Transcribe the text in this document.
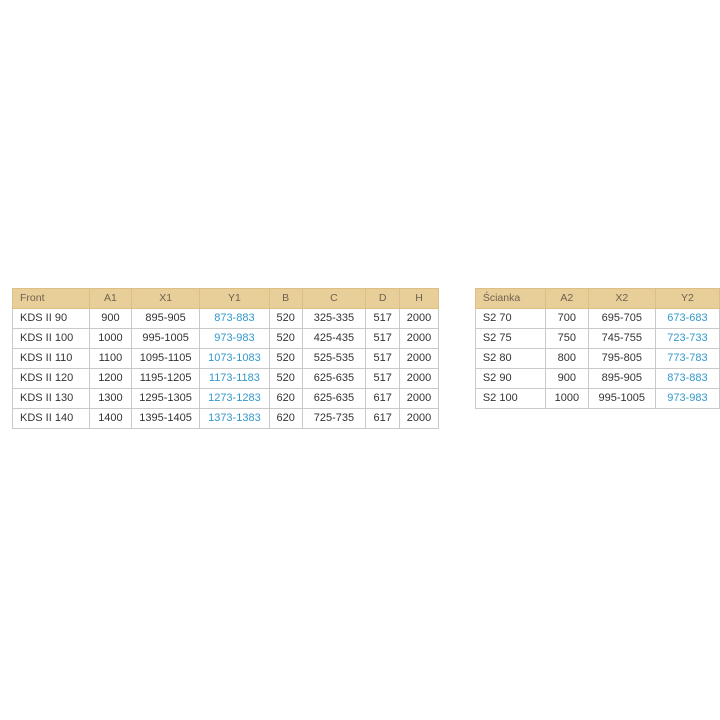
Front	A1	X1	Y1	B	C	D	H
KDS II 90	900	895-905	873-883	520	325-335	517	2000
KDS II 100	1000	995-1005	973-983	520	425-435	517	2000
KDS II 110	1100	1095-1105	1073-1083	520	525-535	517	2000
KDS II 120	1200	1195-1205	1173-1183	520	625-635	517	2000
KDS II 130	1300	1295-1305	1273-1283	620	625-635	617	2000
KDS II 140	1400	1395-1405	1373-1383	620	725-735	617	2000
Ścianka	A2	X2	Y2
S2 70	700	695-705	673-683
S2 75	750	745-755	723-733
S2 80	800	795-805	773-783
S2 90	900	895-905	873-883
S2 100	1000	995-1005	973-983
